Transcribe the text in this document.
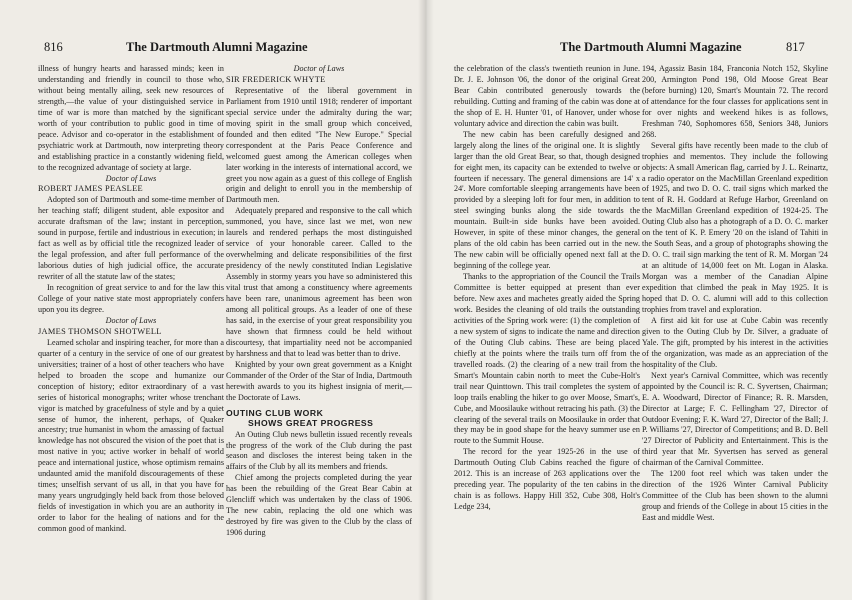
816	The Dartmouth Alumni Magazine

illness of hungry hearts and harassed minds; keen in understanding and friendly in council to those who, without being mentally ailing, seek new resources of strength,—the value of your distinguished service in time of war is more than matched by the significant worth of your contribution to public good in time of peace. Advisor and co-operator in the establishment of psychiatric work at Dartmouth, now interpreting theory and establishing practice in a constantly widening field, to the recognized advantage of society at large.

Doctor of Laws

ROBERT JAMES PEASLEE

Adopted son of Dartmouth and some-time member of her teaching staff; diligent student, able expositor and accurate draftsman of the law; instant in perception, sound in purpose, fertile and industrious in execution; in fact as well as by official title the recognized leader of the legal profession, and after full performance of the laborious duties of high judicial office, the accurate rewriter of all the statute law of the states;

In recognition of great service to and for the law this College of your native state most appropriately confers upon you its degree.

Doctor of Laws

JAMES THOMSON SHOTWELL

Learned scholar and inspiring teacher, for more than a quarter of a century in the service of one of our greatest universities; trainer of a host of other teachers who have helped to broaden the scope and humanize our conception of history; editor extraordinary of a vast series of historical monographs; writer whose trenchant vigor is matched by gracefulness of style and by a quiet sense of humor, the inherent, perhaps, of Quaker ancestry; true humanist in whom the amassing of factual knowledge has not obscured the vision of the poet that is most native in you; active worker in behalf of world peace and international justice, whose optimism remains undaunted amid the manifold discouragements of these times; unselfish servant of us all, in that you have for many years ungrudgingly held back from those beloved fields of investigation in which you are an authority in order to labor for the healing of nations and for the common good of mankind.

Doctor of Laws

SIR FREDERICK WHYTE

Representative of the liberal government in Parliament from 1910 until 1918; renderer of important special service under the admiralty during the war; moving spirit in the small group which conceived, founded and then edited "The New Europe." Special correspondent at the Paris Peace Conference and welcomed guest among the American colleges when later working in the interests of international accord, we greet you now again as a guest of this college of English origin and delight to enroll you in the membership of Dartmouth men.

Adequately prepared and responsive to the call which summoned, you have, since last we met, won new laurels and rendered perhaps the most distinguished service of your honorable career. Called to the overwhelming and delicate responsibilities of the first presidency of the newly constituted Indian Legislative Assembly in stormy years you have so administered this vital trust that among a constituency where agreements have been rare, unanimous agreement has been won among all political groups. As a leader of one of these has said, in the exercise of your great responsibility you have shown that firmness could be held without discourtesy, that impartiality need not be accompanied by harshness and that to lead was better than to drive.

Knighted by your own great government as a Knight Commander of the Order of the Star of India, Dartmouth herewith awards to you its highest insignia of merit,—the Doctorate of Laws.

OUTING CLUB WORK
SHOWS GREAT PROGRESS

An Outing Club news bulletin issued recently reveals the progress of the work of the Club during the past season and discloses the interest being taken in the affairs of the Club by all its members and friends.

Chief among the projects completed during the year has been the rebuilding of the Great Bear Cabin at Glencliff which was undertaken by the class of 1906. The new cabin, replacing the old one which was destroyed by fire was given to the Club by the class of 1906 during

The Dartmouth Alumni Magazine	817

the celebration of the class's twentieth reunion in June. Dr. J. E. Johnson '06, the donor of the original Great Bear Cabin contributed generously towards the rebuilding. Cutting and framing of the cabin was done at the shop of E. H. Hunter '01, of Hanover, under whose voluntary advice and direction the cabin was built.

The new cabin has been carefully designed and largely along the lines of the original one. It is slightly larger than the old Great Bear, so that, though designed for eight men, its capacity can be extended to twelve or fourteen if necessary. The general dimensions are 14' x 24'. More comfortable sleeping arrangements have been provided by a sleeping loft for four men, in addition to steel swinging bunks along the side towards the mountain. Built-in side bunks have been avoided. However, in spite of these minor changes, the general plans of the old cabin has been carried out in the new. The new cabin will be officially opened next fall at the beginning of the college year.

Thanks to the appropriation of the Council the Trails Committee is better equipped at present than ever before. New axes and machetes greatly aided the Spring work. Besides the cleaning of old trails the outstanding activities of the Spring work were: (1) the completion of a new system of signs to indicate the name and direction of the Outing Club cabins. These are being placed chiefly at the points where the trails turn off from the travelled roads. (2) the clearing of a new trail from the Smart's Mountain cabin north to meet the Cube-Holt's trail near Quinttown. This trail completes the system of loop trails enabling the hiker to go over Moose, Smart's, Cube, and Moosilauke without retracing his path. (3) the clearing of the several trails on Moosilauke in order that they may be in good shape for the heavy summer use en route to the Summit House.

The record for the year 1925-26 in the use of Dartmouth Outing Club Cabins reached the figure of 2012. This is an increase of 263 applications over the preceding year. The popularity of the ten cabins in the chain is as follows. Happy Hill 352, Cube 308, Holt's Ledge 234,

194, Agassiz Basin 184, Franconia Notch 152, Skyline 200, Armington Pond 198, Old Moose Great Bear (before burning) 120, Smart's Mountain 72. The record of attendance for the four classes for applications sent in for over nights and weekend hikes is as follows, Freshman 740, Sophomores 658, Seniors 348, Juniors 268.

Several gifts have recently been made to the club of trophies and mementos. They include the following objects: A small American flag, carried by J. L. Reinartz, a radio operator on the MacMillan Greenland expedition of 1925, and two D. O. C. trail signs which marked the tent of R. H. Goddard at Refuge Harbor, Greenland on the MacMillan Greenland expedition of 1924-25. The Outing Club also has a photograph of a D. O. C. marker on the tent of K. P. Emery '20 on the island of Tahiti in the South Seas, and a group of photographs showing the D. O. C. trail sign marking the tent of R. M. Morgan '24 at an altitude of 14,000 feet on Mt. Logan in Alaska. Morgan was a member of the Canadian Alpine expedition that climbed the peak in May 1925. It is hoped that D. O. C. alumni will add to this collection trophies from travel and exploration.

A first aid kit for use at Cube Cabin was recently given to the Outing Club by Dr. Silver, a graduate of Yale. The gift, prompted by his interest in the activities of the organization, was made as an appreciation of the hospitality of the Club.

Next year's Carnival Committee, which was recently appointed by the Council is: R. C. Syvertsen, Chairman; E. A. Woodward, Director of Finance; R. R. Marsden, Director at Large; F. C. Fellingham '27, Director of Outdoor Evening; F. K. Ward '27, Director of the Ball; J. P. Williams '27, Director of Competitions; and B. D. Bell '27 Director of Publicity and Entertainment. This is the third year that Mr. Syvertsen has served as general chairman of the Carnival Committee.

The 1200 foot reel which was taken under the direction of the 1926 Winter Carnival Publicity Committee of the Club has been shown to the alumni group and friends of the College in about 15 cities in the East and middle West.
